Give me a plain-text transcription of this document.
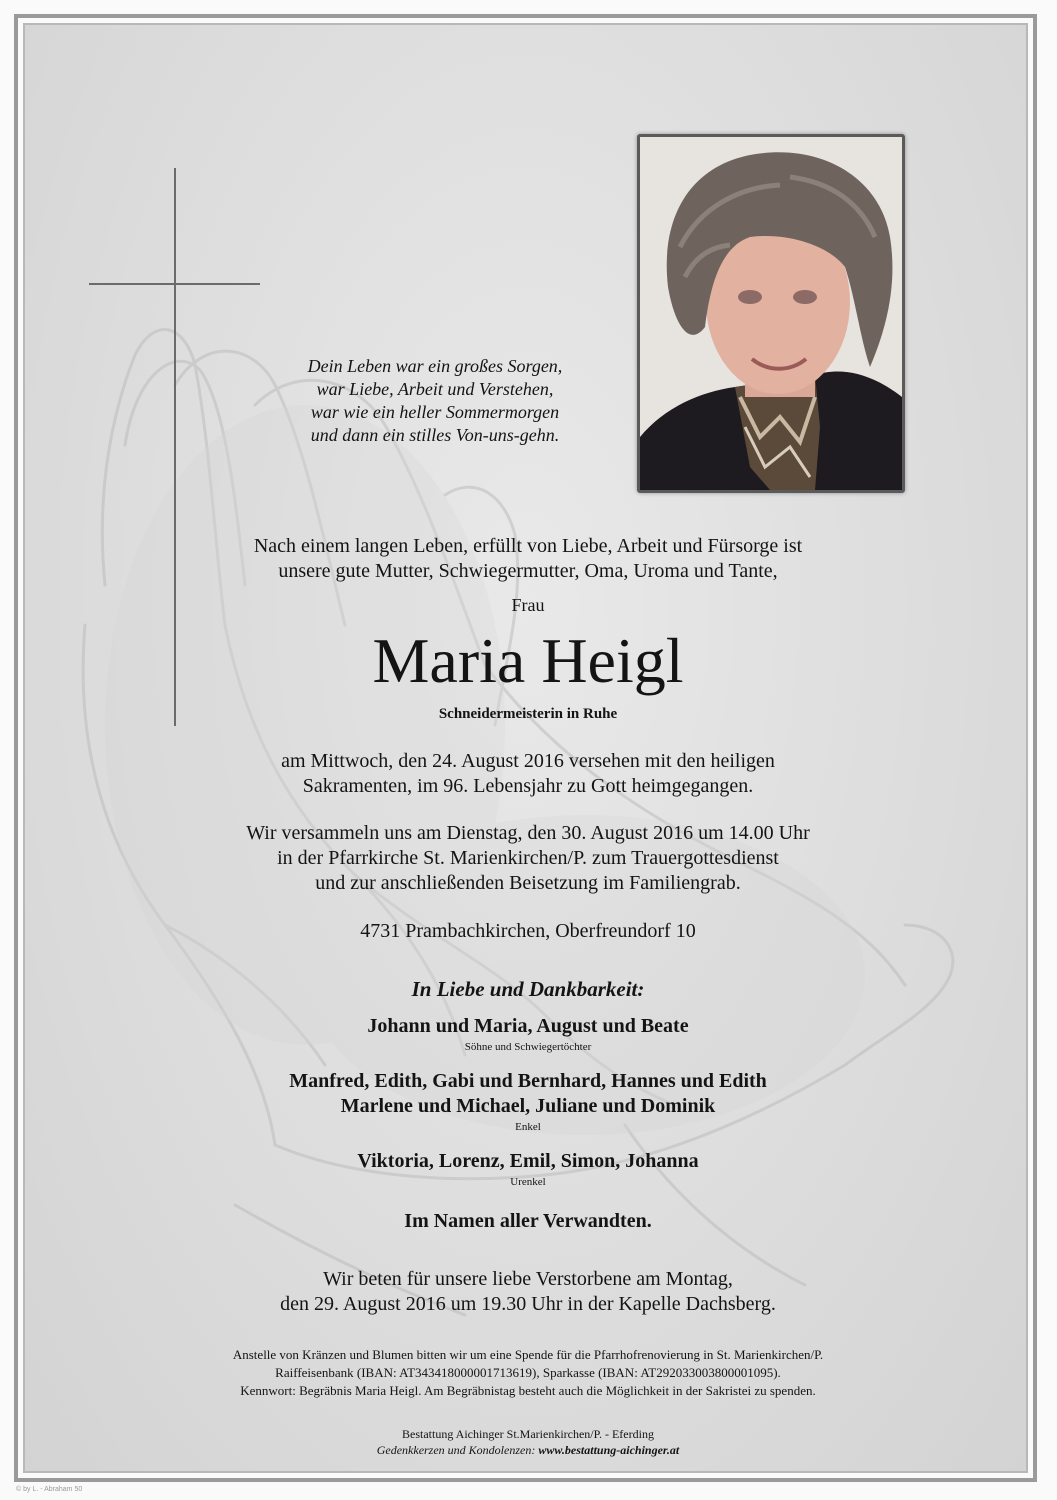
Dein Leben war ein großes Sorgen,
war Liebe, Arbeit und Verstehen,
war wie ein heller Sommermorgen
und dann ein stilles Von-uns-gehn.
Nach einem langen Leben, erfüllt von Liebe, Arbeit und Fürsorge ist
unsere gute Mutter, Schwiegermutter, Oma, Uroma und Tante,
Frau
Maria Heigl
Schneidermeisterin in Ruhe
am Mittwoch, den 24. August 2016 versehen mit den heiligen
Sakramenten, im 96. Lebensjahr zu Gott heimgegangen.
Wir versammeln uns am Dienstag, den 30. August 2016 um 14.00 Uhr
in der Pfarrkirche St. Marienkirchen/P. zum Trauergottesdienst
und zur anschließenden Beisetzung im Familiengrab.
4731 Prambachkirchen, Oberfreundorf 10
In Liebe und Dankbarkeit:
Johann und Maria, August und Beate
Söhne und Schwiegertöchter
Manfred, Edith, Gabi und Bernhard, Hannes und Edith
Marlene und Michael, Juliane und Dominik
Enkel
Viktoria, Lorenz, Emil, Simon, Johanna
Urenkel
Im Namen aller Verwandten.
Wir beten für unsere liebe Verstorbene am Montag,
den 29. August 2016 um 19.30 Uhr in der Kapelle Dachsberg.
Anstelle von Kränzen und Blumen bitten wir um eine Spende für die Pfarrhofrenovierung in St. Marienkirchen/P.
Raiffeisenbank (IBAN: AT343418000001713619), Sparkasse (IBAN: AT292033003800001095).
Kennwort: Begräbnis Maria Heigl. Am Begräbnistag besteht auch die Möglichkeit in der Sakristei zu spenden.
Bestattung Aichinger St.Marienkirchen/P. - Eferding
Gedenkkerzen und Kondolenzen: www.bestattung-aichinger.at
© by L. - Abraham 50
